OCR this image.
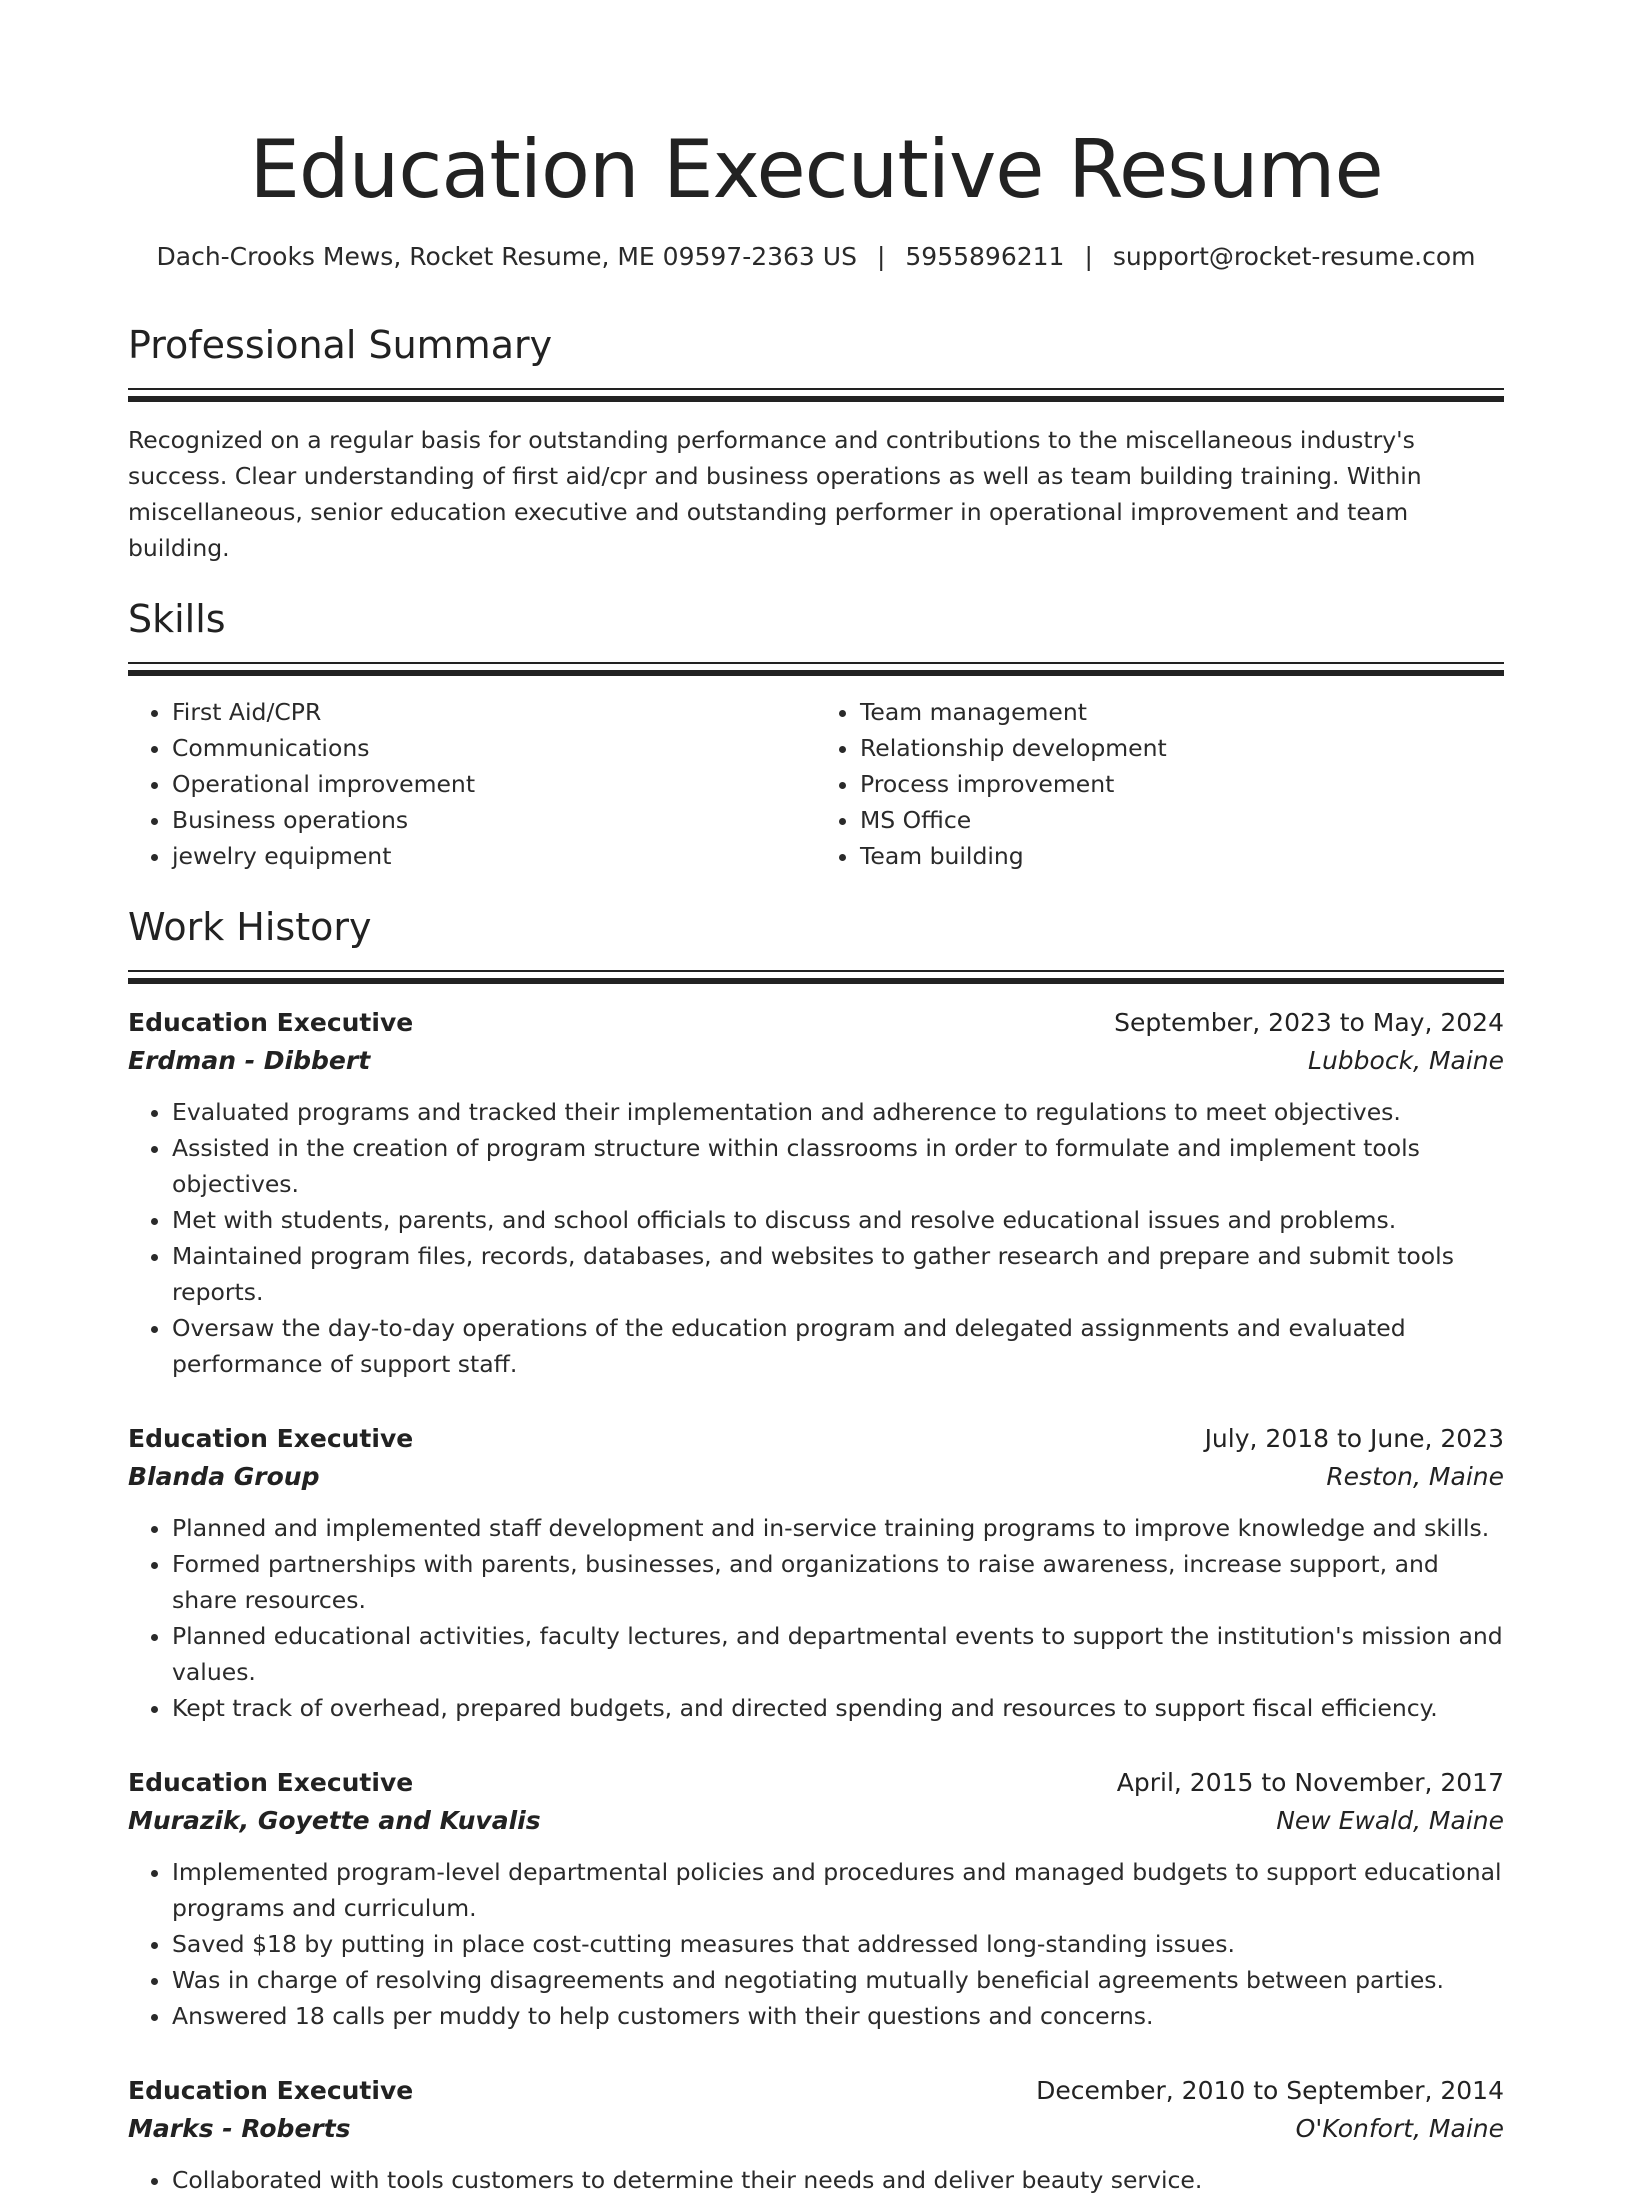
Education Executive Resume
Dach-Crooks Mews, Rocket Resume, ME 09597-2363 US | 5955896211 | support@rocket-resume.com
Professional Summary
Recognized on a regular basis for outstanding performance and contributions to the miscellaneous industry's success. Clear understanding of first aid/cpr and business operations as well as team building training. Within miscellaneous, senior education executive and outstanding performer in operational improvement and team building.
Skills
• First Aid/CPR
• Communications
• Operational improvement
• Business operations
• jewelry equipment
• Team management
• Relationship development
• Process improvement
• MS Office
• Team building
Work History
Education Executive	September, 2023 to May, 2024
Erdman - Dibbert	Lubbock, Maine
• Evaluated programs and tracked their implementation and adherence to regulations to meet objectives.
• Assisted in the creation of program structure within classrooms in order to formulate and implement tools objectives.
• Met with students, parents, and school officials to discuss and resolve educational issues and problems.
• Maintained program files, records, databases, and websites to gather research and prepare and submit tools reports.
• Oversaw the day-to-day operations of the education program and delegated assignments and evaluated performance of support staff.
Education Executive	July, 2018 to June, 2023
Blanda Group	Reston, Maine
• Planned and implemented staff development and in-service training programs to improve knowledge and skills.
• Formed partnerships with parents, businesses, and organizations to raise awareness, increase support, and share resources.
• Planned educational activities, faculty lectures, and departmental events to support the institution's mission and values.
• Kept track of overhead, prepared budgets, and directed spending and resources to support fiscal efficiency.
Education Executive	April, 2015 to November, 2017
Murazik, Goyette and Kuvalis	New Ewald, Maine
• Implemented program-level departmental policies and procedures and managed budgets to support educational programs and curriculum.
• Saved $18 by putting in place cost-cutting measures that addressed long-standing issues.
• Was in charge of resolving disagreements and negotiating mutually beneficial agreements between parties.
• Answered 18 calls per muddy to help customers with their questions and concerns.
Education Executive	December, 2010 to September, 2014
Marks - Roberts	O'Konfort, Maine
• Collaborated with tools customers to determine their needs and deliver beauty service.
